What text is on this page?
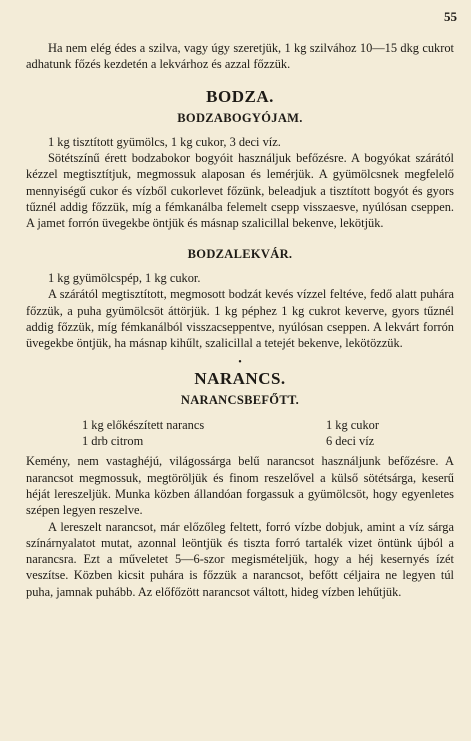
55

Ha nem elég édes a szilva, vagy úgy szeretjük, 1 kg szilvához 10—15 dkg cukrot adhatunk főzés kezdetén a lekvárhoz és azzal főzzük.

BODZA.
BODZABOGYÓJAM.

1 kg tisztított gyümölcs, 1 kg cukor, 3 deci víz.

Sötétszínű érett bodzabokor bogyóit használjuk befőzésre. A bogyókat szárától kézzel megtisztítjuk, megmossuk alaposan és lemérjük. A gyümölcsnek megfelelő mennyiségű cukor és vízből cukorlevet főzünk, beleadjuk a tisztított bogyót és gyors tűznél addig főzzük, míg a fémkanálba felemelt csepp visszaesve, nyúlósan cseppen. A jamet forrón üvegekbe öntjük és másnap szalicillal bekenve, lekötjük.

BODZALEKVÁR.

1 kg gyümölcspép, 1 kg cukor.

A szárától megtisztított, megmosott bodzát kevés vízzel feltéve, fedő alatt puhára főzzük, a puha gyümölcsöt áttörjük. 1 kg péphez 1 kg cukrot keverve, gyors tűznél addig főzzük, míg fémkanálból visszacseppentve, nyúlósan cseppen. A lekvárt forrón üvegekbe öntjük, ha másnap kihűlt, szalicillal a tetejét bekenve, lekötözzük.

•
NARANCS.
NARANCSBEFŐTT.
1 kg előkészített narancs	1 kg cukor
1 drb citrom	6 deci víz

Kemény, nem vastaghéjú, világossárga belű narancsot használjunk befőzésre. A narancsot megmossuk, megtöröljük és finom reszelővel a külső sötétsárga, keserű héját lereszeljük. Munka közben állandóan forgassuk a gyümölcsöt, hogy egyenletes szépen legyen reszelve.

A lereszelt narancsot, már előzőleg feltett, forró vízbe dobjuk, amint a víz sárga színárnyalatot mutat, azonnal leöntjük és tiszta forró tartalék vizet öntünk újból a narancsra. Ezt a műveletet 5—6-szor megismételjük, hogy a héj kesernyés ízét veszítse. Közben kicsit puhára is főzzük a narancsot, befőtt céljaira ne legyen túl puha, jamnak puhább. Az előfőzött narancsot váltott, hideg vízben lehűtjük.
